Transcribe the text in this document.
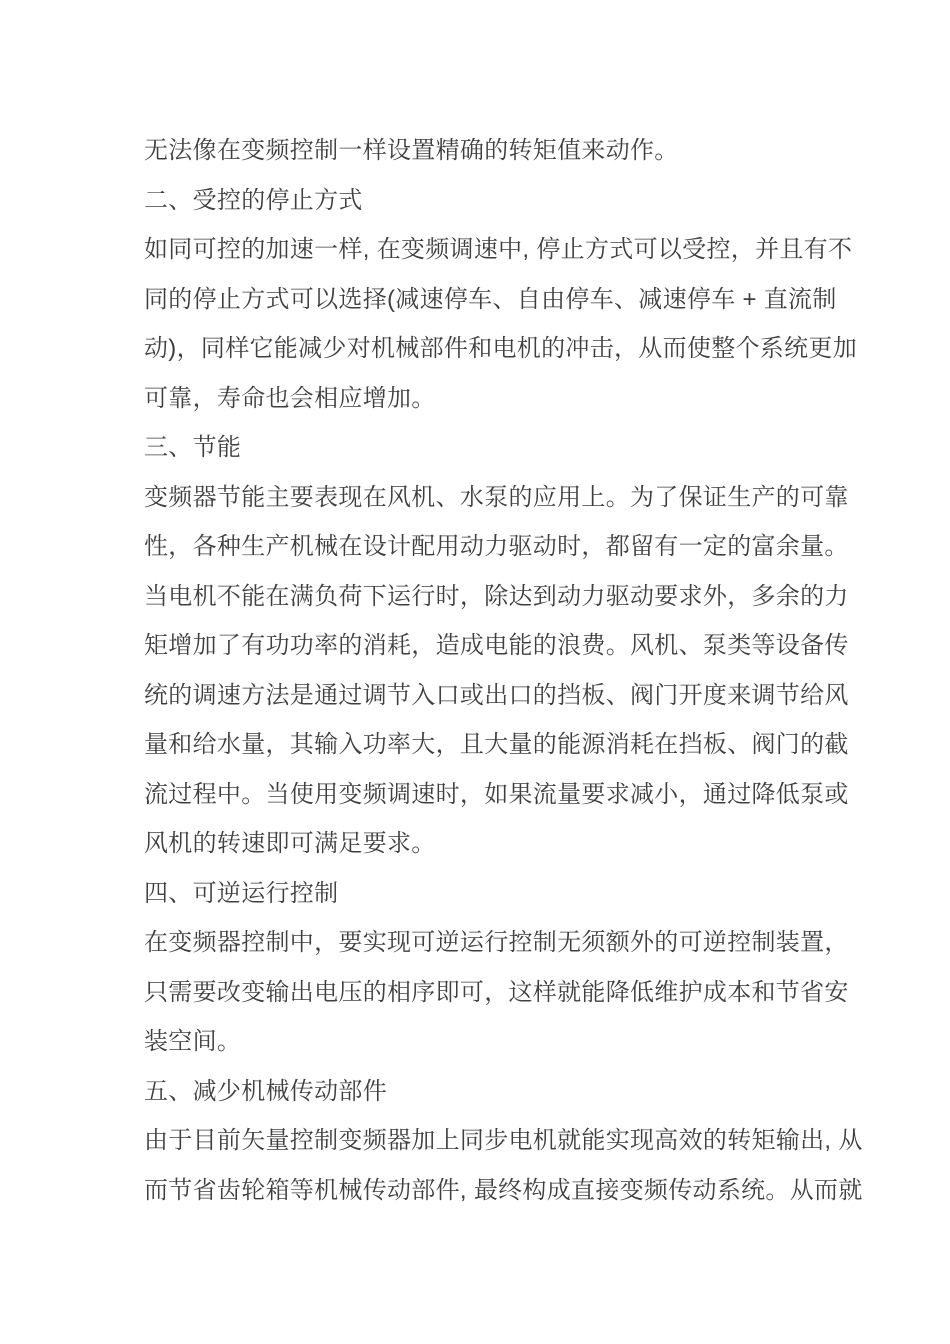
无法像在变频控制一样设置精确的转矩值来动作。
二、受控的停止方式
如同可控的加速一样, 在变频调速中, 停止方式可以受控，并且有不
同的停止方式可以选择(减速停车、自由停车、减速停车 + 直流制
动)，同样它能减少对机械部件和电机的冲击，从而使整个系统更加
可靠，寿命也会相应增加。
三、节能
变频器节能主要表现在风机、水泵的应用上。为了保证生产的可靠
性，各种生产机械在设计配用动力驱动时，都留有一定的富余量。
当电机不能在满负荷下运行时，除达到动力驱动要求外，多余的力
矩增加了有功功率的消耗，造成电能的浪费。风机、泵类等设备传
统的调速方法是通过调节入口或出口的挡板、阀门开度来调节给风
量和给水量，其输入功率大，且大量的能源消耗在挡板、阀门的截
流过程中。当使用变频调速时，如果流量要求减小，通过降低泵或
风机的转速即可满足要求。
四、可逆运行控制
在变频器控制中，要实现可逆运行控制无须额外的可逆控制装置，
只需要改变输出电压的相序即可，这样就能降低维护成本和节省安
装空间。
五、减少机械传动部件
由于目前矢量控制变频器加上同步电机就能实现高效的转矩输出, 从
而节省齿轮箱等机械传动部件, 最终构成直接变频传动系统。从而就
